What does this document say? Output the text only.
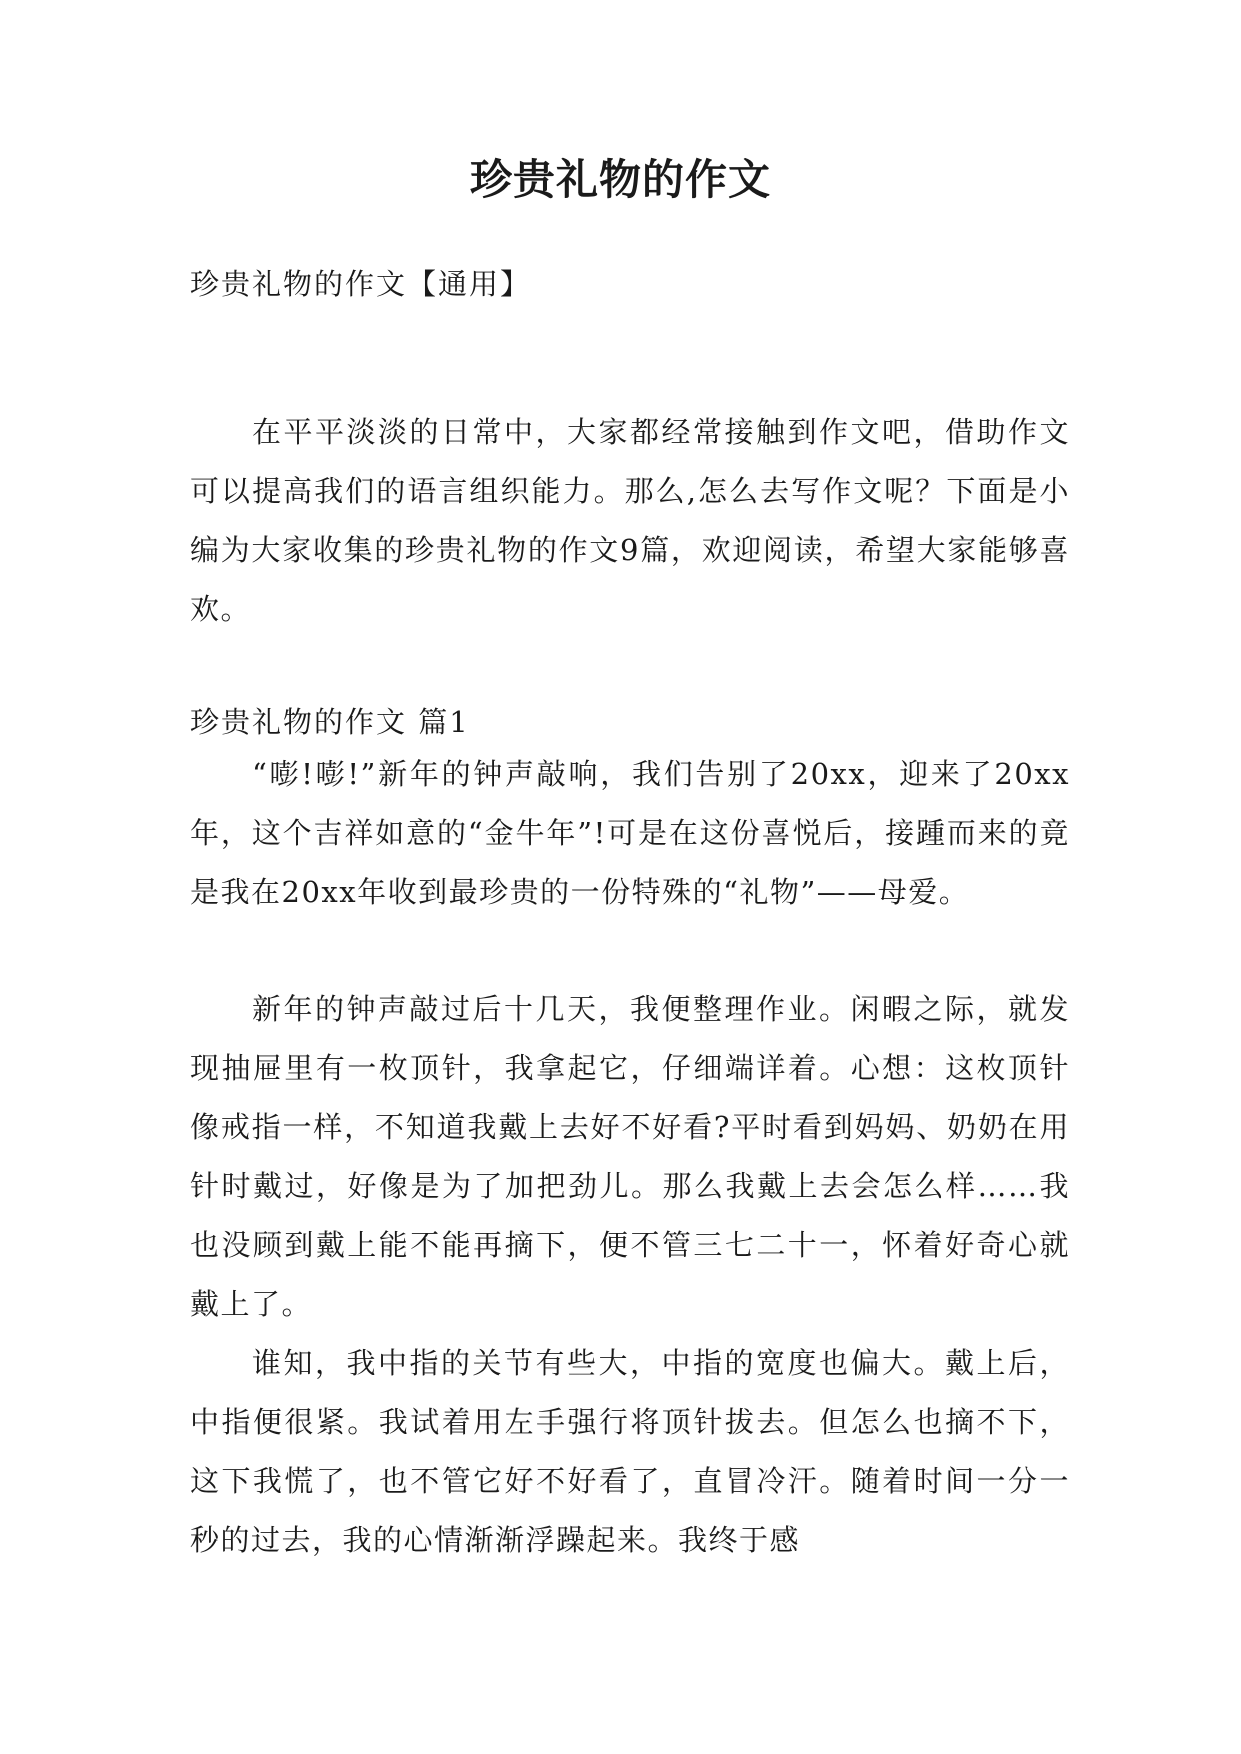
珍贵礼物的作文

珍贵礼物的作文【通用】

在平平淡淡的日常中，大家都经常接触到作文吧，借助作文可以提高我们的语言组织能力。那么,怎么去写作文呢？下面是小编为大家收集的珍贵礼物的作文9篇，欢迎阅读，希望大家能够喜欢。

珍贵礼物的作文 篇1

“嘭!嘭!”新年的钟声敲响，我们告别了20xx，迎来了20xx年，这个吉祥如意的“金牛年”!可是在这份喜悦后，接踵而来的竟是我在20xx年收到最珍贵的一份特殊的“礼物”——母爱。

新年的钟声敲过后十几天，我便整理作业。闲暇之际，就发现抽屉里有一枚顶针，我拿起它，仔细端详着。心想：这枚顶针像戒指一样，不知道我戴上去好不好看?平时看到妈妈、奶奶在用针时戴过，好像是为了加把劲儿。那么我戴上去会怎么样……我也没顾到戴上能不能再摘下，便不管三七二十一，怀着好奇心就戴上了。

谁知，我中指的关节有些大，中指的宽度也偏大。戴上后，中指便很紧。我试着用左手强行将顶针拔去。但怎么也摘不下，这下我慌了，也不管它好不好看了，直冒冷汗。随着时间一分一秒的过去，我的心情渐渐浮躁起来。我终于感
